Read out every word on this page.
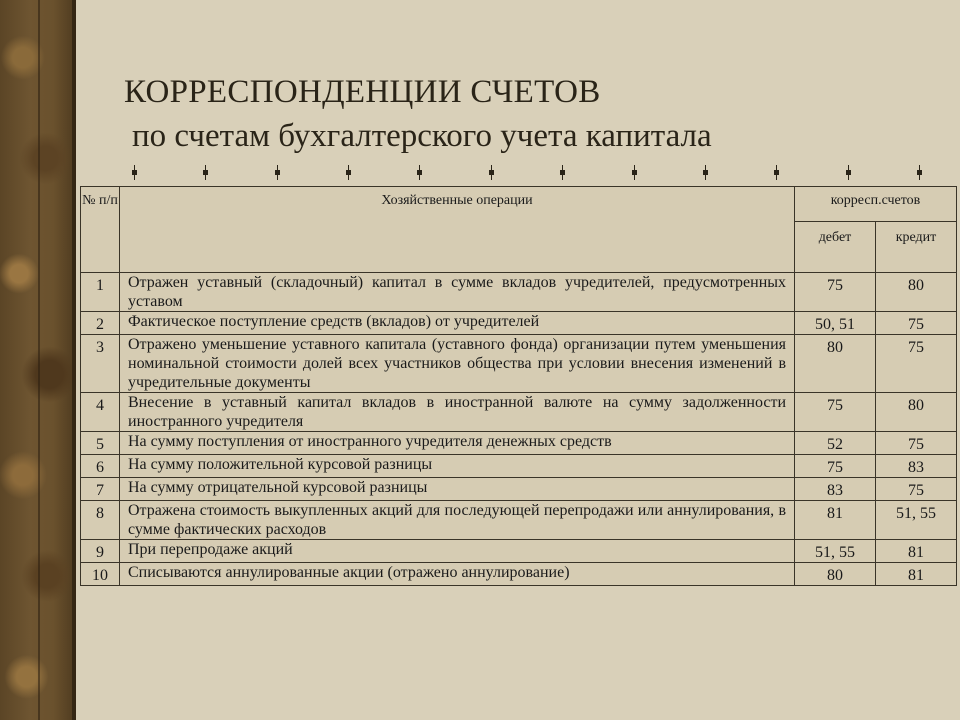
КОРРЕСПОНДЕНЦИИ СЧЕТОВ
по счетам бухгалтерского учета капитала
№ п/п	Хозяйственные операции	корресп.счетов	
		дебет	кредит
1	Отражен уставный (складочный) капитал в сумме вкладов учредителей, предусмотренных уставом	75	80
2	Фактическое поступление средств (вкладов) от учредителей	50, 51	75
3	Отражено уменьшение уставного капитала (уставного фонда) организации путем уменьшения номинальной стоимости долей всех участников общества при условии внесения изменений в учредительные документы	80	75
4	Внесение в уставный капитал вкладов в иностранной валюте на сумму задолженности иностранного учредителя	75	80
5	На сумму поступления от иностранного учредителя денежных средств	52	75
6	На сумму положительной курсовой разницы	75	83
7	На сумму отрицательной курсовой разницы	83	75
8	Отражена стоимость выкупленных акций для последующей перепродажи или аннулирования, в сумме фактических расходов	81	51, 55
9	При перепродаже акций	51, 55	81
10	Списываются аннулированные акции (отражено аннулирование)	80	81
